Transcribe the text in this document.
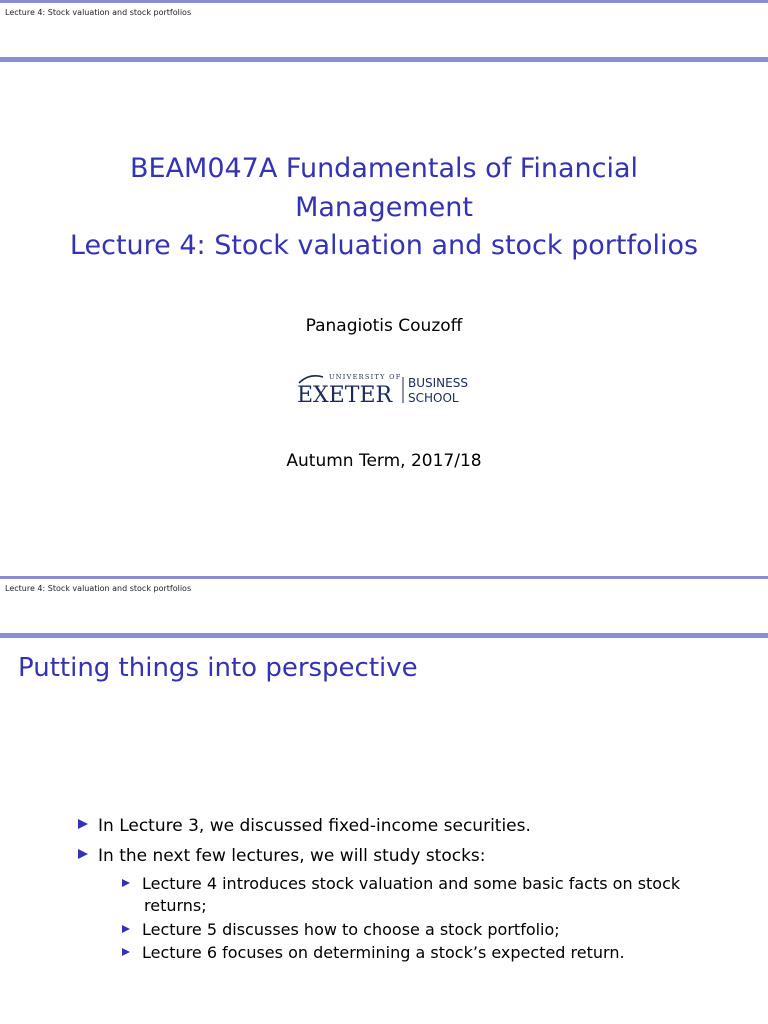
Lecture 4: Stock valuation and stock portfolios
BEAM047A Fundamentals of Financial
Management
Lecture 4: Stock valuation and stock portfolios
Panagiotis Couzoff
UNIVERSITY OF
EXETER BUSINESS
SCHOOL
Autumn Term, 2017/18
Lecture 4: Stock valuation and stock portfolios
Putting things into perspective
In Lecture 3, we discussed fixed-income securities.
In the next few lectures, we will study stocks:
Lecture 4 introduces stock valuation and some basic facts on stock
returns;
Lecture 5 discusses how to choose a stock portfolio;
Lecture 6 focuses on determining a stock’s expected return.
